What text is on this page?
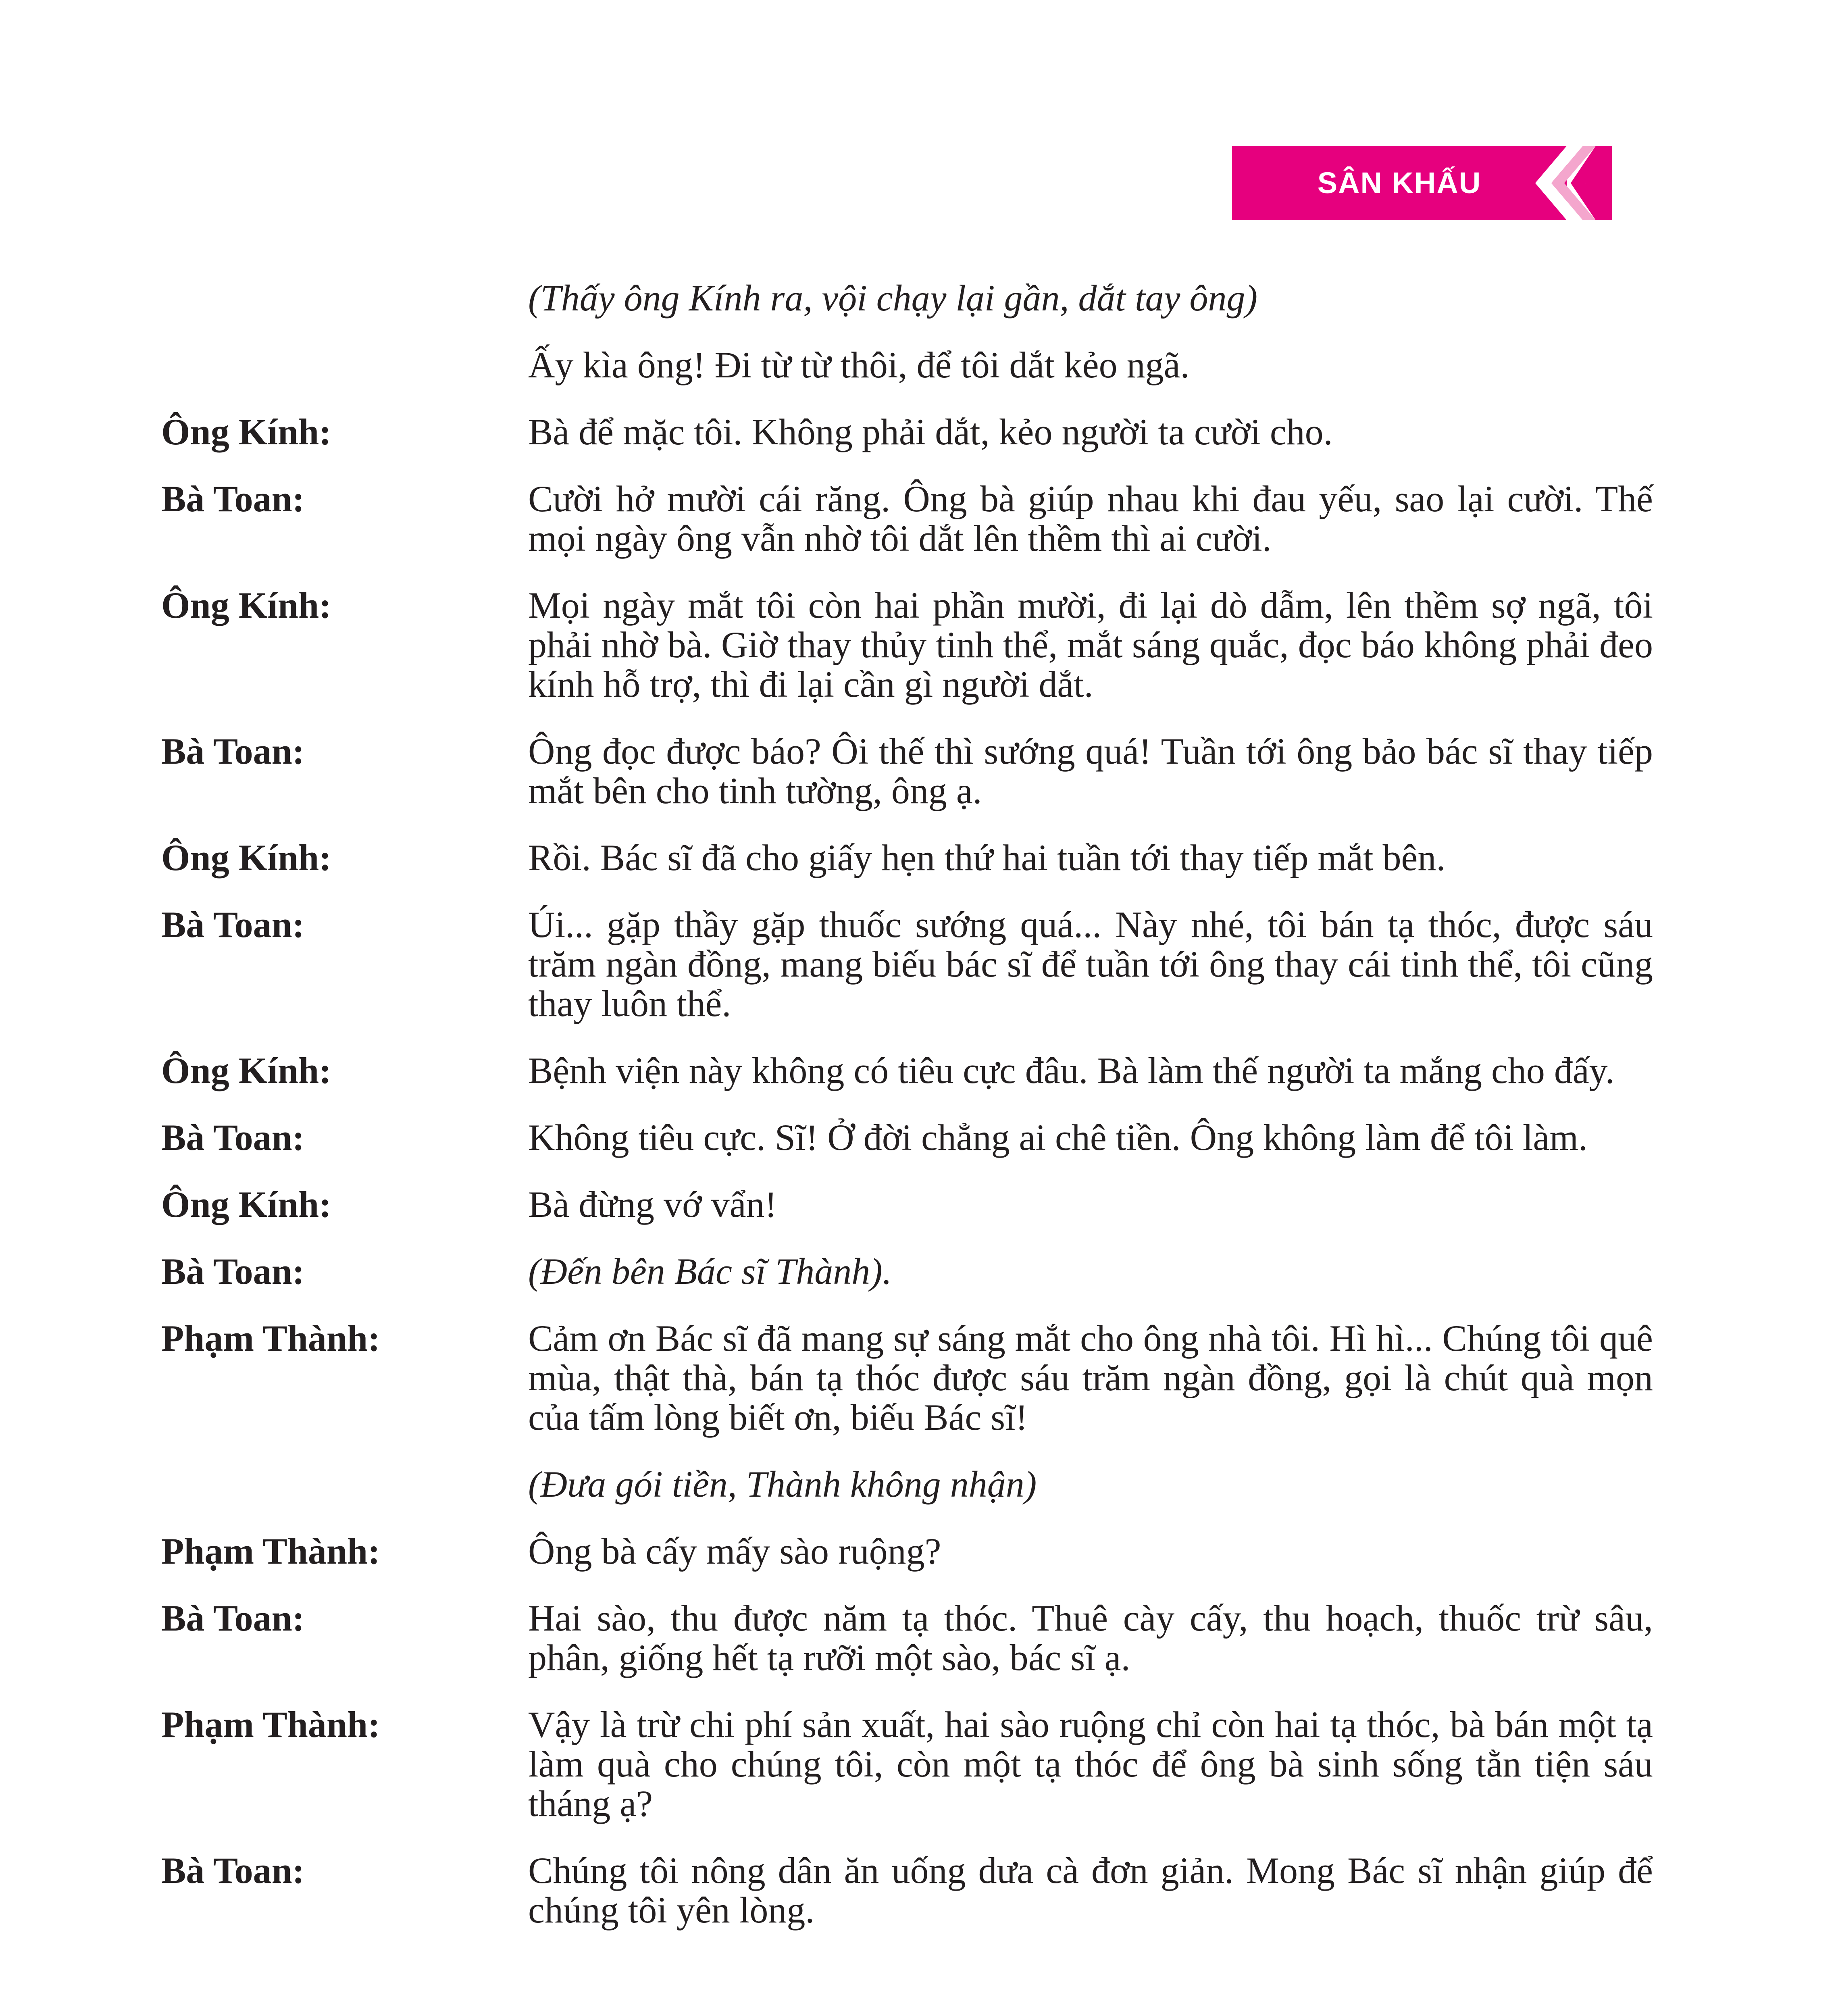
SÂN KHẤU
(Thấy ông Kính ra, vội chạy lại gần, dắt tay ông)
Ấy kìa ông! Đi từ từ thôi, để tôi dắt kẻo ngã.
Ông Kính:	Bà để mặc tôi. Không phải dắt, kẻo người ta cười cho.
Bà Toan:	Cười hở mười cái răng. Ông bà giúp nhau khi đau yếu, sao lại cười. Thế mọi ngày ông vẫn nhờ tôi dắt lên thềm thì ai cười.
Ông Kính:	Mọi ngày mắt tôi còn hai phần mười, đi lại dò dẫm, lên thềm sợ ngã, tôi phải nhờ bà. Giờ thay thủy tinh thể, mắt sáng quắc, đọc báo không phải đeo kính hỗ trợ, thì đi lại cần gì người dắt.
Bà Toan:	Ông đọc được báo? Ôi thế thì sướng quá! Tuần tới ông bảo bác sĩ thay tiếp mắt bên cho tinh tường, ông ạ.
Ông Kính:	Rồi. Bác sĩ đã cho giấy hẹn thứ hai tuần tới thay tiếp mắt bên.
Bà Toan:	Úi... gặp thầy gặp thuốc sướng quá... Này nhé, tôi bán tạ thóc, được sáu trăm ngàn đồng, mang biếu bác sĩ để tuần tới ông thay cái tinh thể, tôi cũng thay luôn thể.
Ông Kính:	Bệnh viện này không có tiêu cực đâu. Bà làm thế người ta mắng cho đấy.
Bà Toan:	Không tiêu cực. Sĩ! Ở đời chẳng ai chê tiền. Ông không làm để tôi làm.
Ông Kính:	Bà đừng vớ vẩn!
Bà Toan:	(Đến bên Bác sĩ Thành).
Phạm Thành:	Cảm ơn Bác sĩ đã mang sự sáng mắt cho ông nhà tôi. Hì hì... Chúng tôi quê mùa, thật thà, bán tạ thóc được sáu trăm ngàn đồng, gọi là chút quà mọn của tấm lòng biết ơn, biếu Bác sĩ!
(Đưa gói tiền, Thành không nhận)
Phạm Thành:	Ông bà cấy mấy sào ruộng?
Bà Toan:	Hai sào, thu được năm tạ thóc. Thuê cày cấy, thu hoạch, thuốc trừ sâu, phân, giống hết tạ rưỡi một sào, bác sĩ ạ.
Phạm Thành:	Vậy là trừ chi phí sản xuất, hai sào ruộng chỉ còn hai tạ thóc, bà bán một tạ làm quà cho chúng tôi, còn một tạ thóc để ông bà sinh sống tằn tiện sáu tháng ạ?
Bà Toan:	Chúng tôi nông dân ăn uống dưa cà đơn giản. Mong Bác sĩ nhận giúp để chúng tôi yên lòng.
